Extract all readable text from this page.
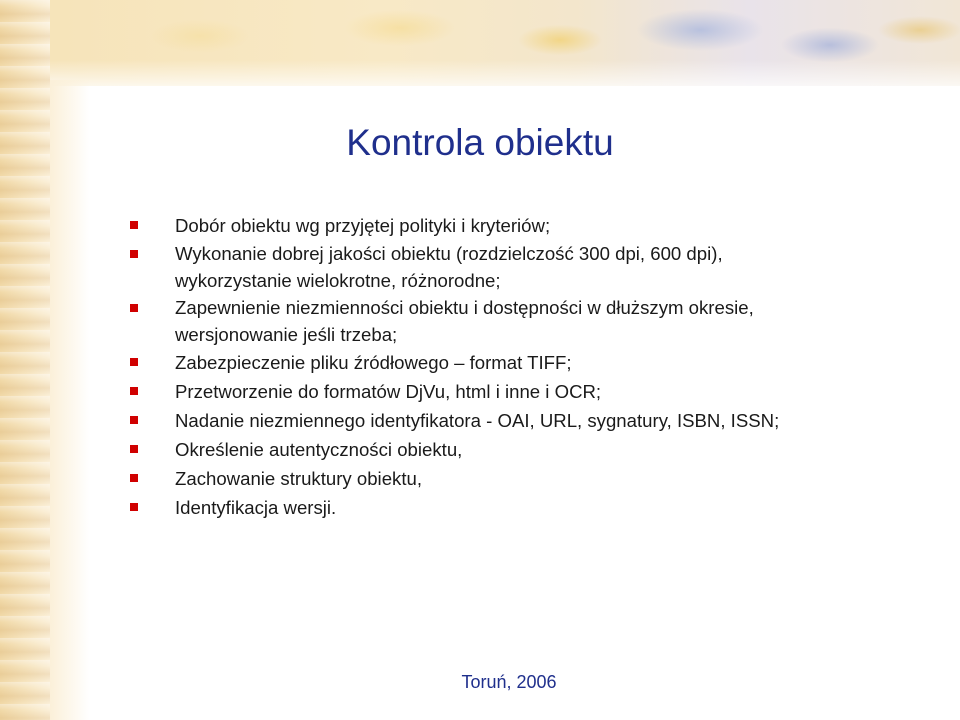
Kontrola obiektu
Dobór obiektu wg przyjętej polityki i kryteriów;
Wykonanie dobrej jakości obiektu (rozdzielczość 300 dpi, 600 dpi),
wykorzystanie wielokrotne, różnorodne;
Zapewnienie niezmienności obiektu i dostępności w dłuższym okresie,
wersjonowanie jeśli trzeba;
Zabezpieczenie pliku źródłowego – format TIFF;
Przetworzenie do formatów DjVu, html i inne i OCR;
Nadanie niezmiennego identyfikatora - OAI, URL, sygnatury, ISBN, ISSN;
Określenie autentyczności obiektu,
Zachowanie struktury obiektu,
Identyfikacja wersji.
Toruń, 2006
